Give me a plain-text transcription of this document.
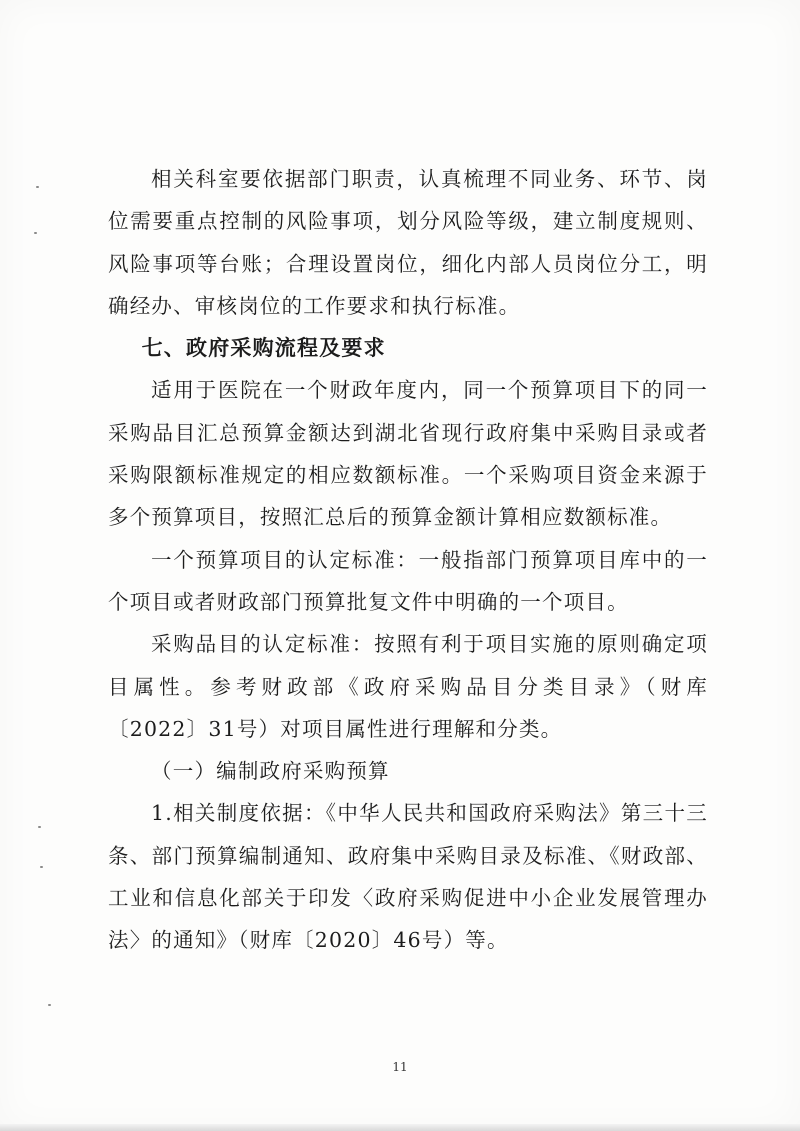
相关科室要依据部门职责，认真梳理不同业务、环节、岗位需要重点控制的风险事项，划分风险等级，建立制度规则、风险事项等台账；合理设置岗位，细化内部人员岗位分工，明确经办、审核岗位的工作要求和执行标准。

七、政府采购流程及要求

适用于医院在一个财政年度内，同一个预算项目下的同一采购品目汇总预算金额达到湖北省现行政府集中采购目录或者采购限额标准规定的相应数额标准。一个采购项目资金来源于多个预算项目，按照汇总后的预算金额计算相应数额标准。

一个预算项目的认定标准：一般指部门预算项目库中的一个项目或者财政部门预算批复文件中明确的一个项目。

采购品目的认定标准：按照有利于项目实施的原则确定项目属性。参考财政部《政府采购品目分类目录》（财库〔2022〕31号）对项目属性进行理解和分类。

（一）编制政府采购预算

1.相关制度依据：《中华人民共和国政府采购法》第三十三条、部门预算编制通知、政府集中采购目录及标准、《财政部、工业和信息化部关于印发〈政府采购促进中小企业发展管理办法〉的通知》（财库〔2020〕46号）等。

11
